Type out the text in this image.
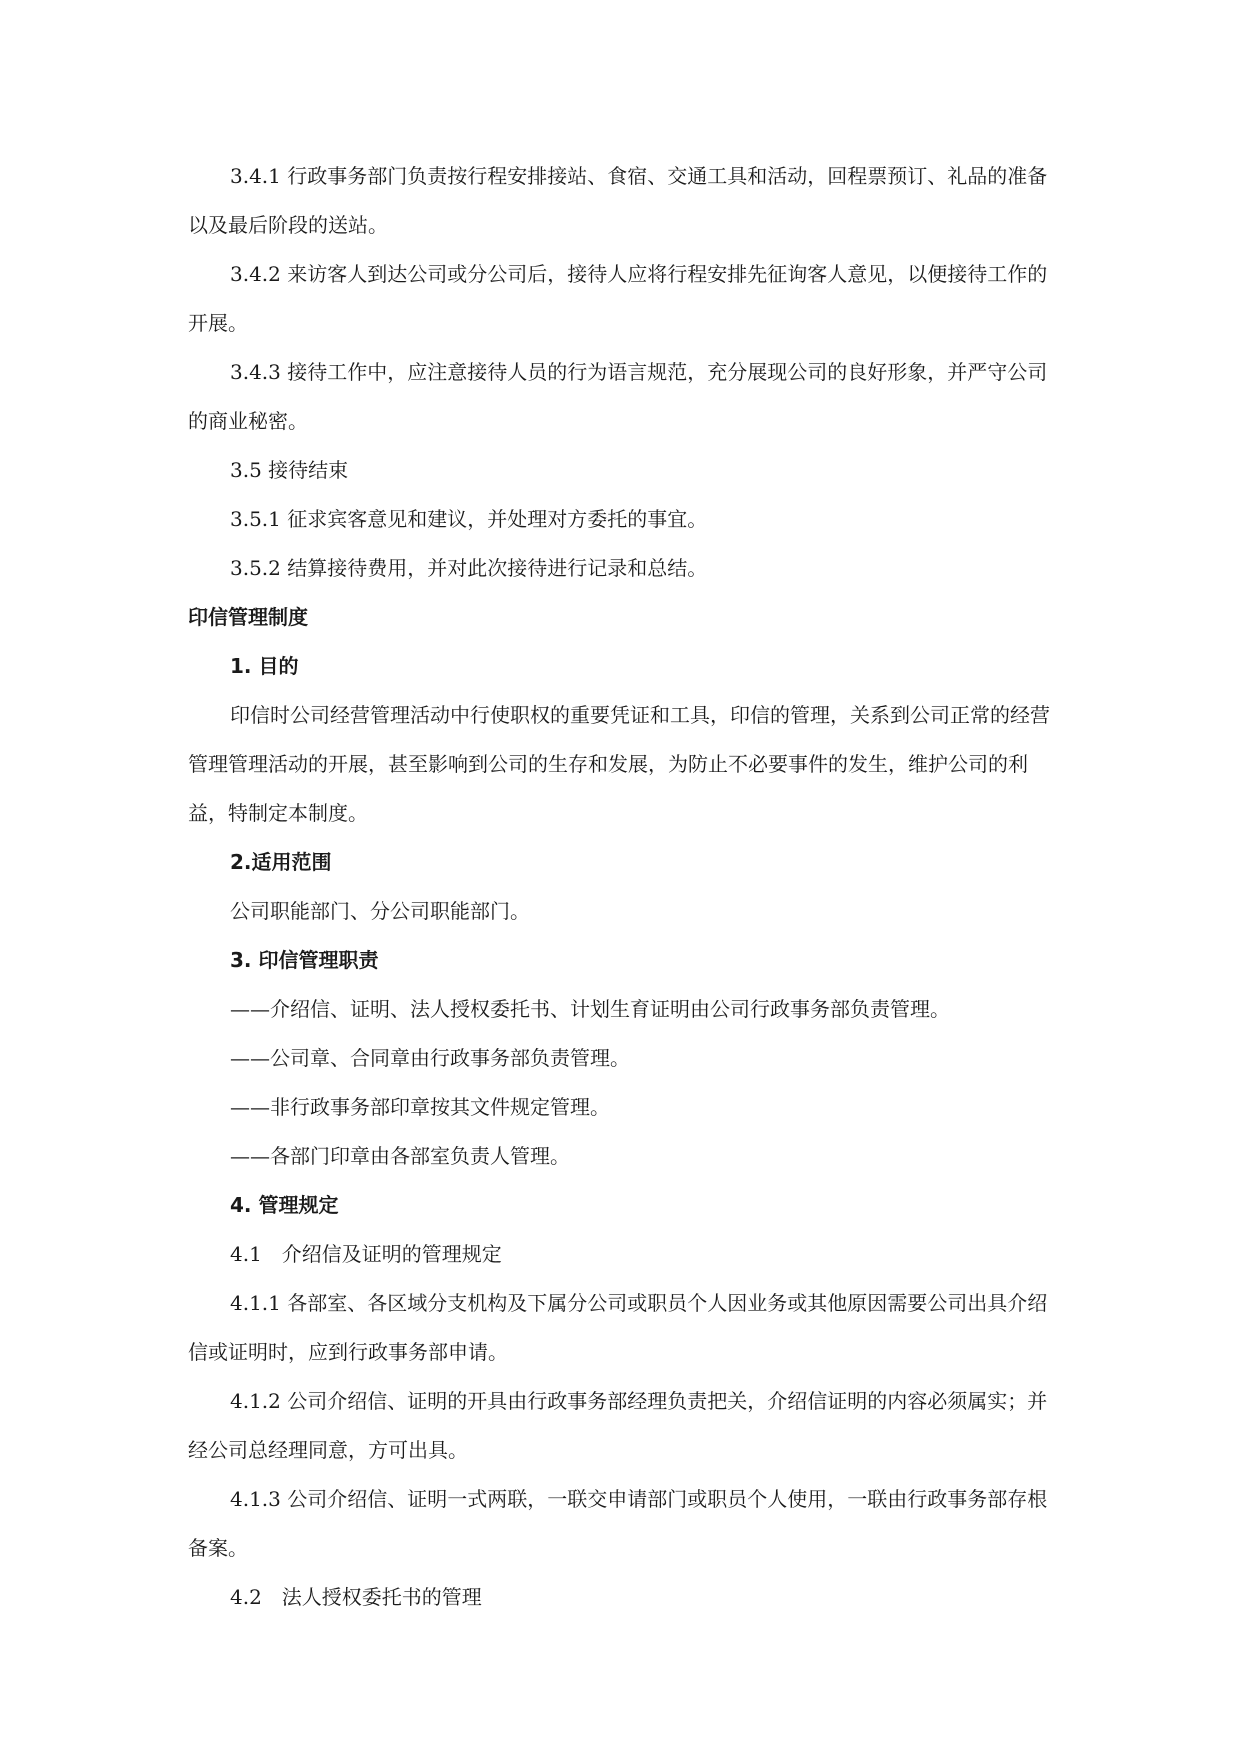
3.4.1 行政事务部门负责按行程安排接站、食宿、交通工具和活动，回程票预订、礼品的准备以及最后阶段的送站。

3.4.2 来访客人到达公司或分公司后，接待人应将行程安排先征询客人意见，以便接待工作的开展。

3.4.3 接待工作中，应注意接待人员的行为语言规范，充分展现公司的良好形象，并严守公司的商业秘密。

3.5 接待结束

3.5.1 征求宾客意见和建议，并处理对方委托的事宜。

3.5.2 结算接待费用，并对此次接待进行记录和总结。

印信管理制度

1. 目的

印信时公司经营管理活动中行使职权的重要凭证和工具，印信的管理，关系到公司正常的经营管理管理活动的开展，甚至影响到公司的生存和发展，为防止不必要事件的发生，维护公司的利益，特制定本制度。

2.适用范围

公司职能部门、分公司职能部门。

3. 印信管理职责

——介绍信、证明、法人授权委托书、计划生育证明由公司行政事务部负责管理。

——公司章、合同章由行政事务部负责管理。

——非行政事务部印章按其文件规定管理。

——各部门印章由各部室负责人管理。

4. 管理规定

4.1　介绍信及证明的管理规定

4.1.1 各部室、各区域分支机构及下属分公司或职员个人因业务或其他原因需要公司出具介绍信或证明时，应到行政事务部申请。

4.1.2 公司介绍信、证明的开具由行政事务部经理负责把关，介绍信证明的内容必须属实；并经公司总经理同意，方可出具。

4.1.3 公司介绍信、证明一式两联，一联交申请部门或职员个人使用，一联由行政事务部存根备案。

4.2　法人授权委托书的管理
